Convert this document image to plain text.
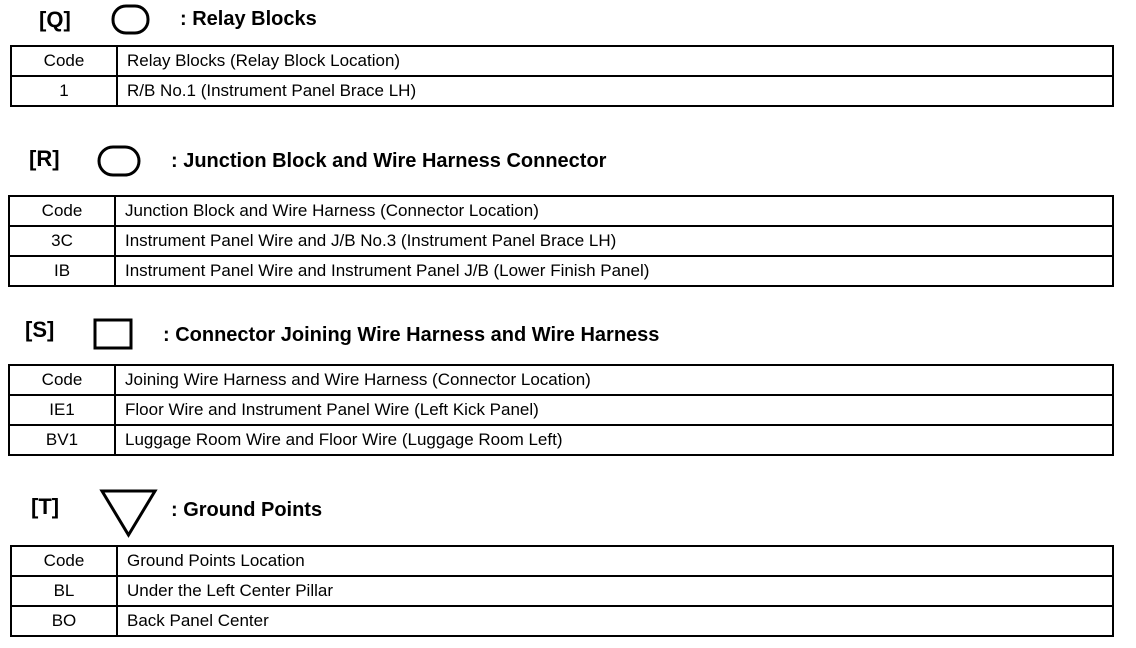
[Q]	: Relay Blocks
Code	Relay Blocks (Relay Block Location)
1	R/B No.1 (Instrument Panel Brace LH)
[R]	: Junction Block and Wire Harness Connector
Code	Junction Block and Wire Harness (Connector Location)
3C	Instrument Panel Wire and J/B No.3 (Instrument Panel Brace LH)
IB	Instrument Panel Wire and Instrument Panel J/B (Lower Finish Panel)
[S]	: Connector Joining Wire Harness and Wire Harness
Code	Joining Wire Harness and Wire Harness (Connector Location)
IE1	Floor Wire and Instrument Panel Wire (Left Kick Panel)
BV1	Luggage Room Wire and Floor Wire (Luggage Room Left)
[T]	: Ground Points
Code	Ground Points Location
BL	Under the Left Center Pillar
BO	Back Panel Center
